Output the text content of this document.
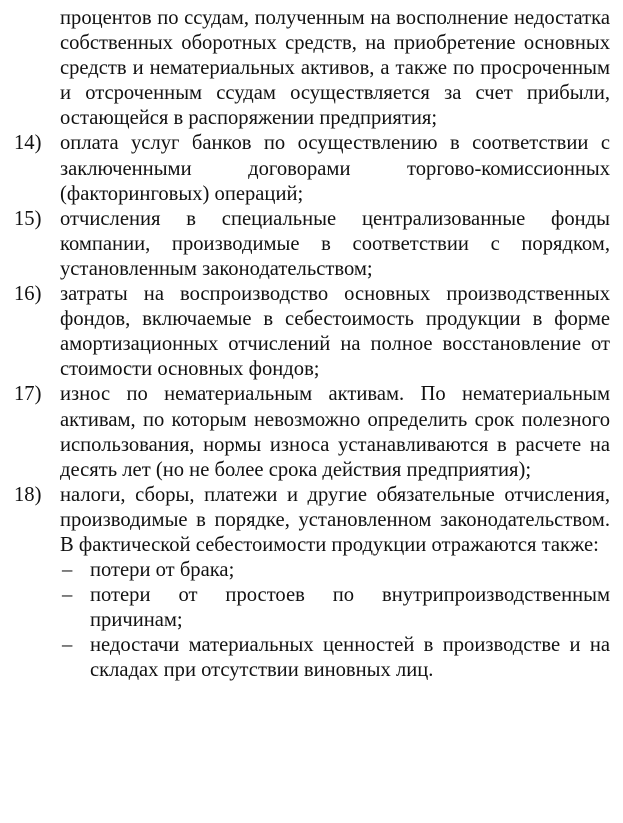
процентов по ссудам, полученным на восполнение недостатка собственных оборотных средств, на приобретение основных средств и нематериальных активов, а также по просроченным и отсроченным ссудам осуществляется за счет прибыли, остающейся в распоряжении предприятия;
14) оплата услуг банков по осуществлению в соответствии с заключенными договорами торгово-комиссионных (факторинговых) операций;
15) отчисления в специальные централизованные фонды компании, производимые в соответствии с порядком, установленным законодательством;
16) затраты на воспроизводство основных производственных фондов, включаемые в себестоимость продукции в форме амортизационных отчислений на полное восстановление от стоимости основных фондов;
17) износ по нематериальным активам. По нематериальным активам, по которым невозможно определить срок полезного использования, нормы износа устанавливаются в расчете на десять лет (но не более срока действия предприятия);
18) налоги, сборы, платежи и другие обязательные отчисления, производимые в порядке, установленном законодательством. В фактической себестоимости продукции отражаются также:
– потери от брака;
– потери от простоев по внутрипроизводственным причинам;
– недостачи материальных ценностей в производстве и на складах при отсутствии виновных лиц.
